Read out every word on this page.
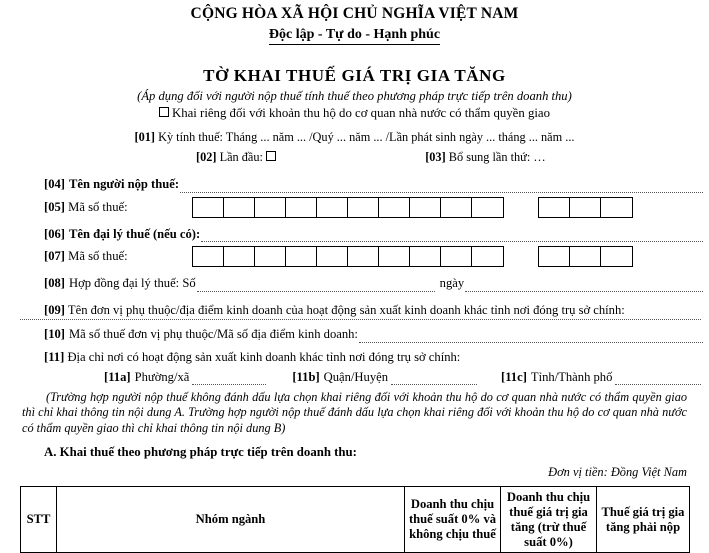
CỘNG HÒA XÃ HỘI CHỦ NGHĨA VIỆT NAM
Độc lập - Tự do - Hạnh phúc
TỜ KHAI THUẾ GIÁ TRỊ GIA TĂNG
(Áp dụng đối với người nộp thuế tính thuế theo phương pháp trực tiếp trên doanh thu)
Khai riêng đối với khoản thu hộ do cơ quan nhà nước có thẩm quyền giao
[01] Kỳ tính thuế: Tháng ... năm ... /Quý ... năm ... /Lần phát sinh ngày ... tháng ... năm ...
[02] Lần đầu:	[03] Bổ sung lần thứ: …
[04] Tên người nộp thuế:
[05] Mã số thuế:
[06] Tên đại lý thuế (nếu có):
[07] Mã số thuế:
[08] Hợp đồng đại lý thuế: Số	ngày
[09] Tên đơn vị phụ thuộc/địa điểm kinh doanh của hoạt động sản xuất kinh doanh khác tỉnh nơi đóng trụ sở chính:
[10] Mã số thuế đơn vị phụ thuộc/Mã số địa điểm kinh doanh:
[11] Địa chỉ nơi có hoạt động sản xuất kinh doanh khác tỉnh nơi đóng trụ sở chính:
[11a] Phường/xã	[11b] Quận/Huyện	[11c] Tỉnh/Thành phố
(Trường hợp người nộp thuế không đánh dấu lựa chọn khai riêng đối với khoản thu hộ do cơ quan nhà nước có thẩm quyền giao thì chỉ khai thông tin nội dung A. Trường hợp người nộp thuế đánh dấu lựa chọn khai riêng đối với khoản thu hộ do cơ quan nhà nước có thẩm quyền giao thì chỉ khai thông tin nội dung B)
A. Khai thuế theo phương pháp trực tiếp trên doanh thu:
Đơn vị tiền: Đồng Việt Nam
STT	Nhóm ngành	Doanh thu chịu thuế suất 0% và không chịu thuế	Doanh thu chịu thuế giá trị gia tăng (trừ thuế suất 0%)	Thuế giá trị gia tăng phải nộp
